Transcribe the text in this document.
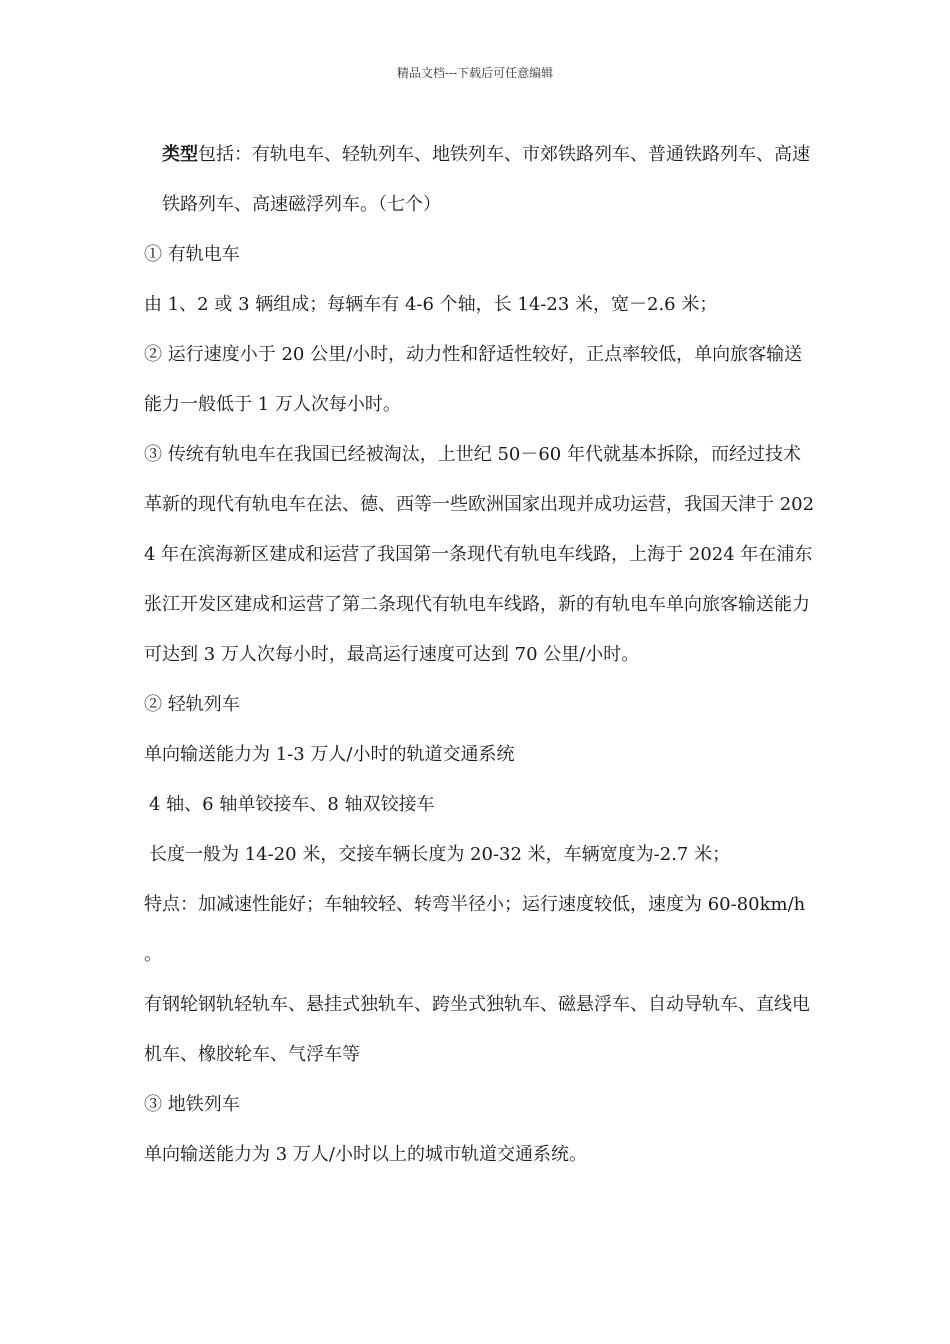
精品文档---下载后可任意编辑

类型包括：有轨电车、轻轨列车、地铁列车、市郊铁路列车、普通铁路列车、高速铁路列车、高速磁浮列车。（七个）

① 有轨电车

由 1、2 或 3 辆组成；每辆车有 4-6 个轴，长 14-23 米，宽－2.6 米；

② 运行速度小于 20 公里/小时，动力性和舒适性较好，正点率较低，单向旅客输送能力一般低于 1 万人次每小时。

③ 传统有轨电车在我国已经被淘汰，上世纪 50－60 年代就基本拆除，而经过技术革新的现代有轨电车在法、德、西等一些欧洲国家出现并成功运营，我国天津于 2024 年在滨海新区建成和运营了我国第一条现代有轨电车线路，上海于 2024 年在浦东张江开发区建成和运营了第二条现代有轨电车线路，新的有轨电车单向旅客输送能力可达到 3 万人次每小时，最高运行速度可达到 70 公里/小时。

② 轻轨列车

单向输送能力为 1-3 万人/小时的轨道交通系统

4 轴、6 轴单铰接车、8 轴双铰接车

长度一般为 14-20 米，交接车辆长度为 20-32 米，车辆宽度为-2.7 米；

特点：加减速性能好；车轴较轻、转弯半径小；运行速度较低，速度为 60-80km/h 。

有钢轮钢轨轻轨车、悬挂式独轨车、跨坐式独轨车、磁悬浮车、自动导轨车、直线电机车、橡胶轮车、气浮车等

③ 地铁列车

单向输送能力为 3 万人/小时以上的城市轨道交通系统。
